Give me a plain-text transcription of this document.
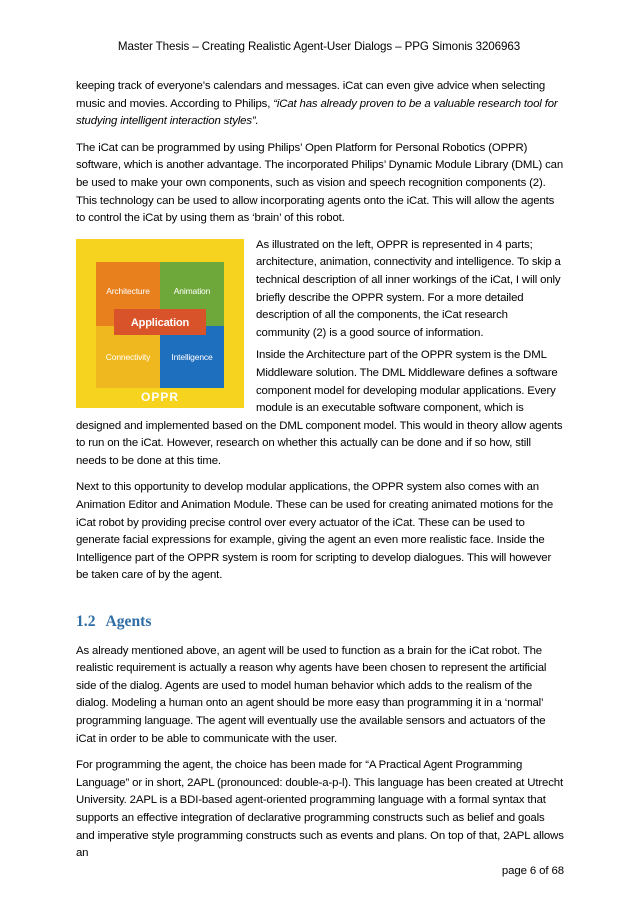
Master Thesis – Creating Realistic Agent-User Dialogs – PPG Simonis 3206963

keeping track of everyone’s calendars and messages. iCat can even give advice when selecting music and movies. According to Philips, “iCat has already proven to be a valuable research tool for studying intelligent interaction styles”.

The iCat can be programmed by using Philips’ Open Platform for Personal Robotics (OPPR) software, which is another advantage. The incorporated Philips’ Dynamic Module Library (DML) can be used to make your own components, such as vision and speech recognition components (2). This technology can be used to allow incorporating agents onto the iCat. This will allow the agents to control the iCat by using them as ‘brain’ of this robot.

Architecture	Animation
Application
Connectivity Intelligence
OPPR

As illustrated on the left, OPPR is represented in 4 parts; architecture, animation, connectivity and intelligence. To skip a technical description of all inner workings of the iCat, I will only briefly describe the OPPR system. For a more detailed description of all the components, the iCat research community (2) is a good source of information.

Inside the Architecture part of the OPPR system is the DML Middleware solution. The DML Middleware defines a software component model for developing modular applications. Every module is an executable software component, which is designed and implemented based on the DML component model. This would in theory allow agents to run on the iCat. However, research on whether this actually can be done and if so how, still needs to be done at this time.

Next to this opportunity to develop modular applications, the OPPR system also comes with an Animation Editor and Animation Module. These can be used for creating animated motions for the iCat robot by providing precise control over every actuator of the iCat. These can be used to generate facial expressions for example, giving the agent an even more realistic face. Inside the Intelligence part of the OPPR system is room for scripting to develop dialogues. This will however be taken care of by the agent.

1.2 Agents

As already mentioned above, an agent will be used to function as a brain for the iCat robot. The realistic requirement is actually a reason why agents have been chosen to represent the artificial side of the dialog. Agents are used to model human behavior which adds to the realism of the dialog. Modeling a human onto an agent should be more easy than programming it in a ‘normal’ programming language. The agent will eventually use the available sensors and actuators of the iCat in order to be able to communicate with the user.

For programming the agent, the choice has been made for “A Practical Agent Programming Language” or in short, 2APL (pronounced: double-a-p-l). This language has been created at Utrecht University. 2APL is a BDI-based agent-oriented programming language with a formal syntax that supports an effective integration of declarative programming constructs such as belief and goals and imperative style programming constructs such as events and plans. On top of that, 2APL allows an

page 6 of 68
